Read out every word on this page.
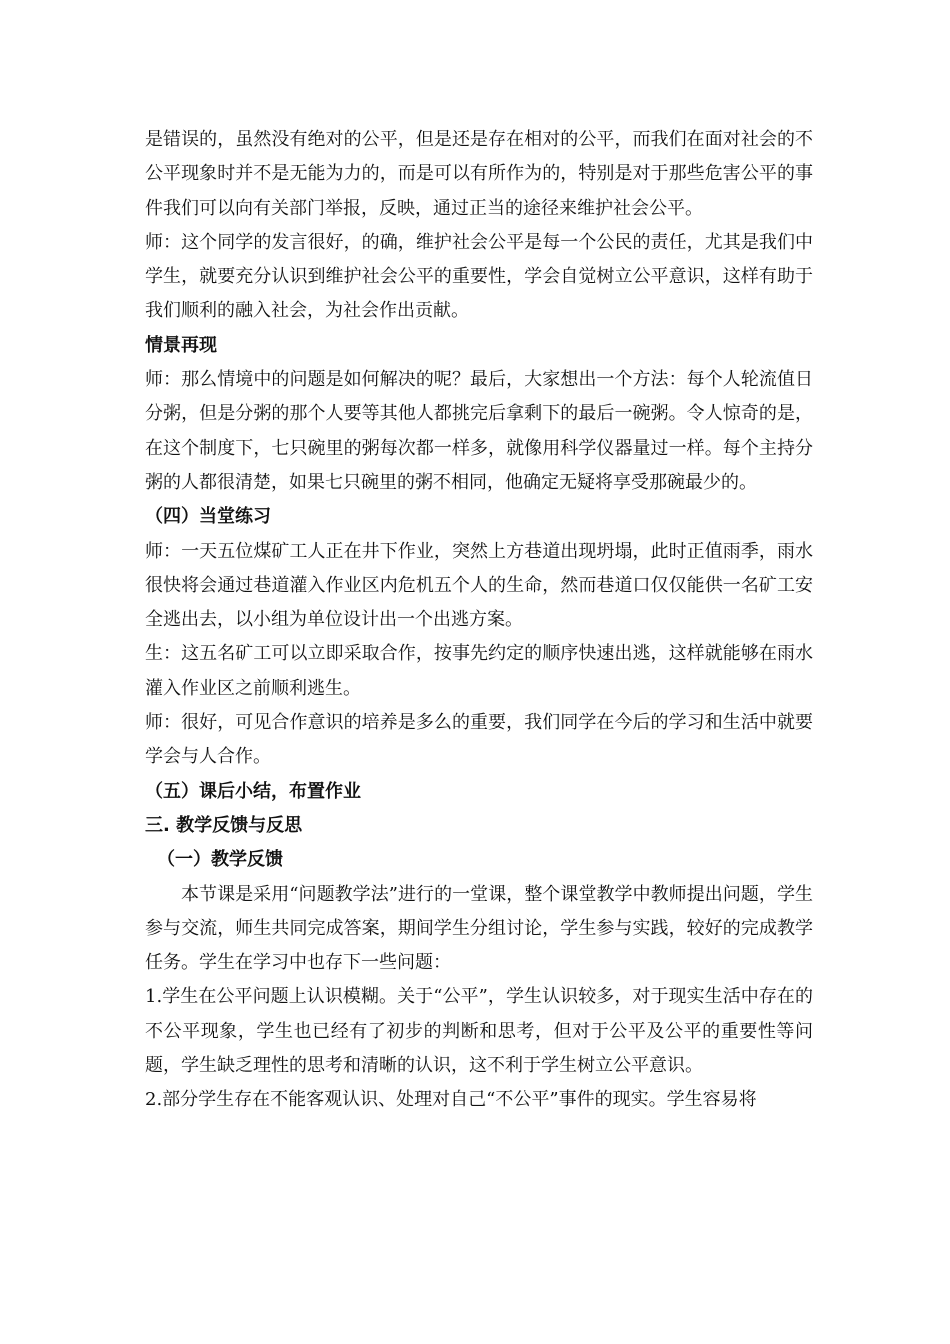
是错误的，虽然没有绝对的公平，但是还是存在相对的公平，而我们在面对社会的不公平现象时并不是无能为力的，而是可以有所作为的，特别是对于那些危害公平的事件我们可以向有关部门举报，反映，通过正当的途径来维护社会公平。

师：这个同学的发言很好，的确，维护社会公平是每一个公民的责任，尤其是我们中学生，就要充分认识到维护社会公平的重要性，学会自觉树立公平意识，这样有助于我们顺利的融入社会，为社会作出贡献。

情景再现

师：那么情境中的问题是如何解决的呢？最后，大家想出一个方法：每个人轮流值日分粥，但是分粥的那个人要等其他人都挑完后拿剩下的最后一碗粥。令人惊奇的是，在这个制度下，七只碗里的粥每次都一样多，就像用科学仪器量过一样。每个主持分粥的人都很清楚，如果七只碗里的粥不相同，他确定无疑将享受那碗最少的。

（四）当堂练习

师：一天五位煤矿工人正在井下作业，突然上方巷道出现坍塌，此时正值雨季，雨水很快将会通过巷道灌入作业区内危机五个人的生命，然而巷道口仅仅能供一名矿工安全逃出去，以小组为单位设计出一个出逃方案。

生：这五名矿工可以立即采取合作，按事先约定的顺序快速出逃，这样就能够在雨水灌入作业区之前顺利逃生。

师：很好，可见合作意识的培养是多么的重要，我们同学在今后的学习和生活中就要学会与人合作。

（五）课后小结，布置作业

三. 教学反馈与反思

（一）教学反馈

本节课是采用“问题教学法”进行的一堂课，整个课堂教学中教师提出问题，学生参与交流，师生共同完成答案，期间学生分组讨论，学生参与实践，较好的完成教学任务。学生在学习中也存下一些问题：

1.学生在公平问题上认识模糊。关于“公平”，学生认识较多，对于现实生活中存在的不公平现象，学生也已经有了初步的判断和思考，但对于公平及公平的重要性等问题，学生缺乏理性的思考和清晰的认识，这不利于学生树立公平意识。

2.部分学生存在不能客观认识、处理对自己“不公平”事件的现实。学生容易将
